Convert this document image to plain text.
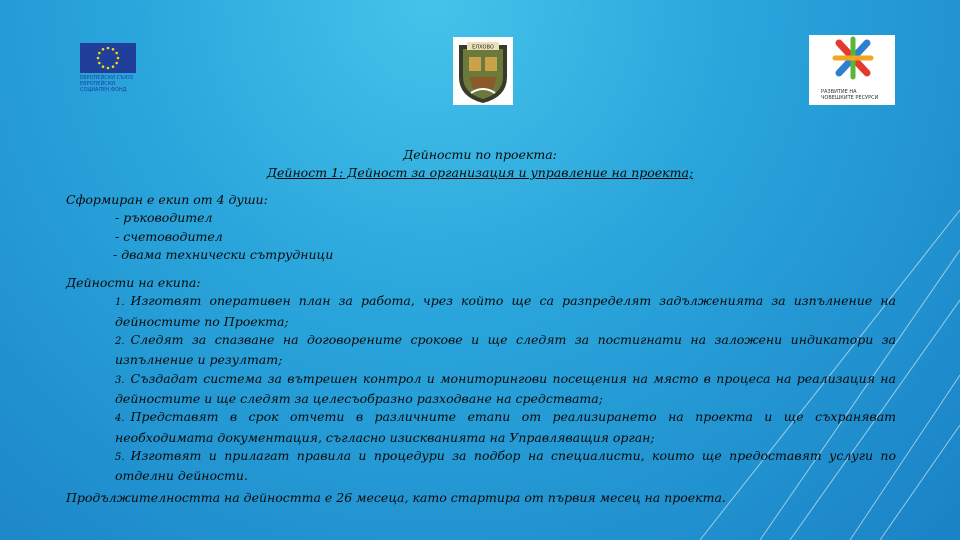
ЕВРОПЕЙСКИ СЪЮЗ
ЕВРОПЕЙСКИ
СОЦИАЛЕН ФОНД
ЕЛХОВО
РАЗВИТИЕ НА
ЧОВЕШКИТЕ РЕСУРСИ
Дейности по проекта:
Дейност 1: Дейност за организация и управление на проекта;

Сформиран е екип от 4 души:

- ръководител

- счетоводител

- двама технически сътрудници

Дейности на екипа:

1. Изготвят оперативен план за работа, чрез който ще са разпределят задълженията за изпълнение на дейностите по Проекта;

2. Следят за спазване на договорените срокове и ще следят за постигнати на заложени индикатори за изпълнение и резултат;

3. Създадат система за вътрешен контрол и мониторингови посещения на място в процеса на реализация на дейностите и ще следят за целесъобразно разходване на средствата;

4. Представят в срок отчети в различните етапи от реализирането на проекта и ще съхраняват необходимата документация, съгласно изискванията на Управляващия орган;

5. Изготвят и прилагат правила и процедури за подбор на специалисти, които ще предоставят услуги по отделни дейности.

Продължителността на дейността е 26 месеца, като стартира от първия месец на проекта.
